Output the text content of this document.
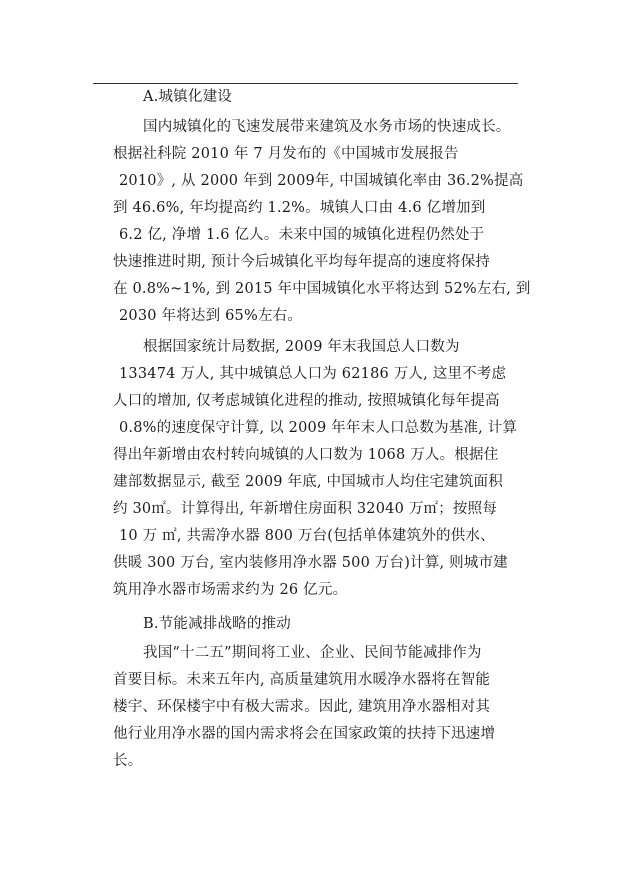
A.城镇化建设
国内城镇化的飞速发展带来建筑及水务市场的快速成长。
根据社科院 2010 年 7 月发布的《中国城市发展报告
2010》, 从 2000 年到 2009年, 中国城镇化率由 36.2%提高
到 46.6%, 年均提高约 1.2%。城镇人口由 4.6 亿增加到
6.2 亿, 净增 1.6 亿人。未来中国的城镇化进程仍然处于
快速推进时期, 预计今后城镇化平均每年提高的速度将保持
在 0.8%~1%, 到 2015 年中国城镇化水平将达到 52%左右, 到
2030 年将达到 65%左右。
根据国家统计局数据, 2009 年末我国总人口数为
133474 万人, 其中城镇总人口为 62186 万人, 这里不考虑
人口的增加, 仅考虑城镇化进程的推动, 按照城镇化每年提高
0.8%的速度保守计算, 以 2009 年年末人口总数为基准, 计算
得出年新增由农村转向城镇的人口数为 1068 万人。根据住
建部数据显示, 截至 2009 年底, 中国城市人均住宅建筑面积
约 30㎡。计算得出, 年新增住房面积 32040 万㎡；按照每
10 万 ㎡, 共需净水器 800 万台(包括单体建筑外的供水、
供暖 300 万台, 室内装修用净水器 500 万台)计算, 则城市建
筑用净水器市场需求约为 26 亿元。
B.节能减排战略的推动
我国“十二五”期间将工业、企业、民间节能减排作为
首要目标。未来五年内, 高质量建筑用水暖净水器将在智能
楼宇、环保楼宇中有极大需求。因此, 建筑用净水器相对其
他行业用净水器的国内需求将会在国家政策的扶持下迅速增
长。
